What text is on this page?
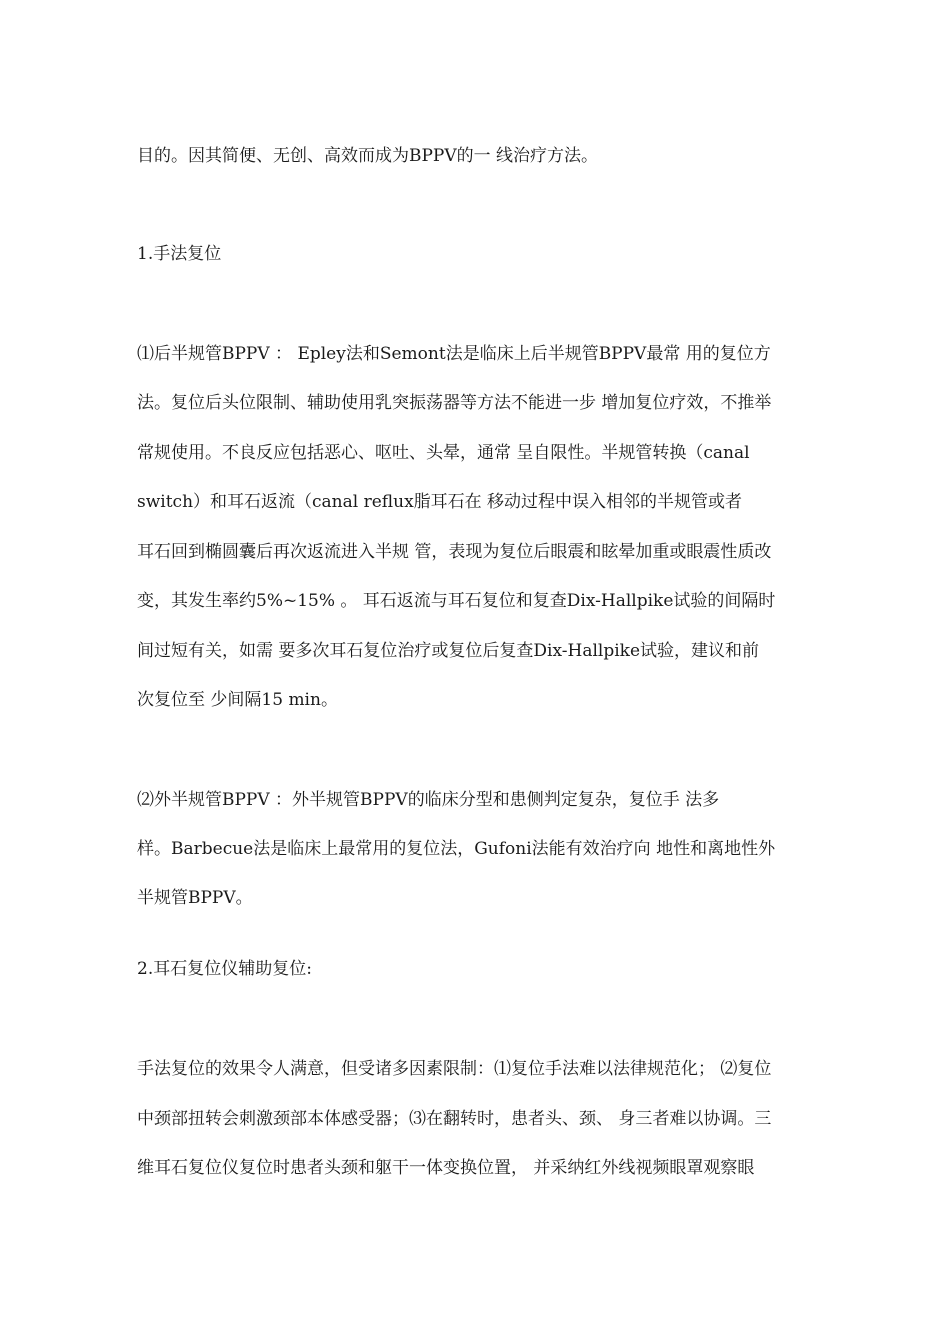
目的。因其简便、无创、高效而成为BPPV的一 线治疗方法。
1.手法复位
⑴后半规管BPPV ： Epley法和Semont法是临床上后半规管BPPV最常 用的复位方
法。复位后头位限制、辅助使用乳突振荡器等方法不能进一步 增加复位疗效，不推举
常规使用。不良反应包括恶心、呕吐、头晕，通常 呈自限性。半规管转换（canal
switch）和耳石返流（canal reflux脂耳石在 移动过程中误入相邻的半规管或者
耳石回到椭圆囊后再次返流进入半规 管，表现为复位后眼震和眩晕加重或眼震性质改
变，其发生率约5%~15% 。 耳石返流与耳石复位和复查Dix-Hallpike试验的间隔时
间过短有关，如需 要多次耳石复位治疗或复位后复查Dix-Hallpike试验，建议和前
次复位至 少间隔15 min。
⑵外半规管BPPV ：外半规管BPPV的临床分型和患侧判定复杂，复位手 法多
样。Barbecue法是临床上最常用的复位法，Gufoni法能有效治疗向 地性和离地性外
半规管BPPV。
2.耳石复位仪辅助复位:
手法复位的效果令人满意，但受诸多因素限制：⑴复位手法难以法律规范化； ⑵复位
中颈部扭转会刺激颈部本体感受器；⑶在翻转时，患者头、颈、 身三者难以协调。三
维耳石复位仪复位时患者头颈和躯干一体变换位置， 并采纳红外线视频眼罩观察眼
